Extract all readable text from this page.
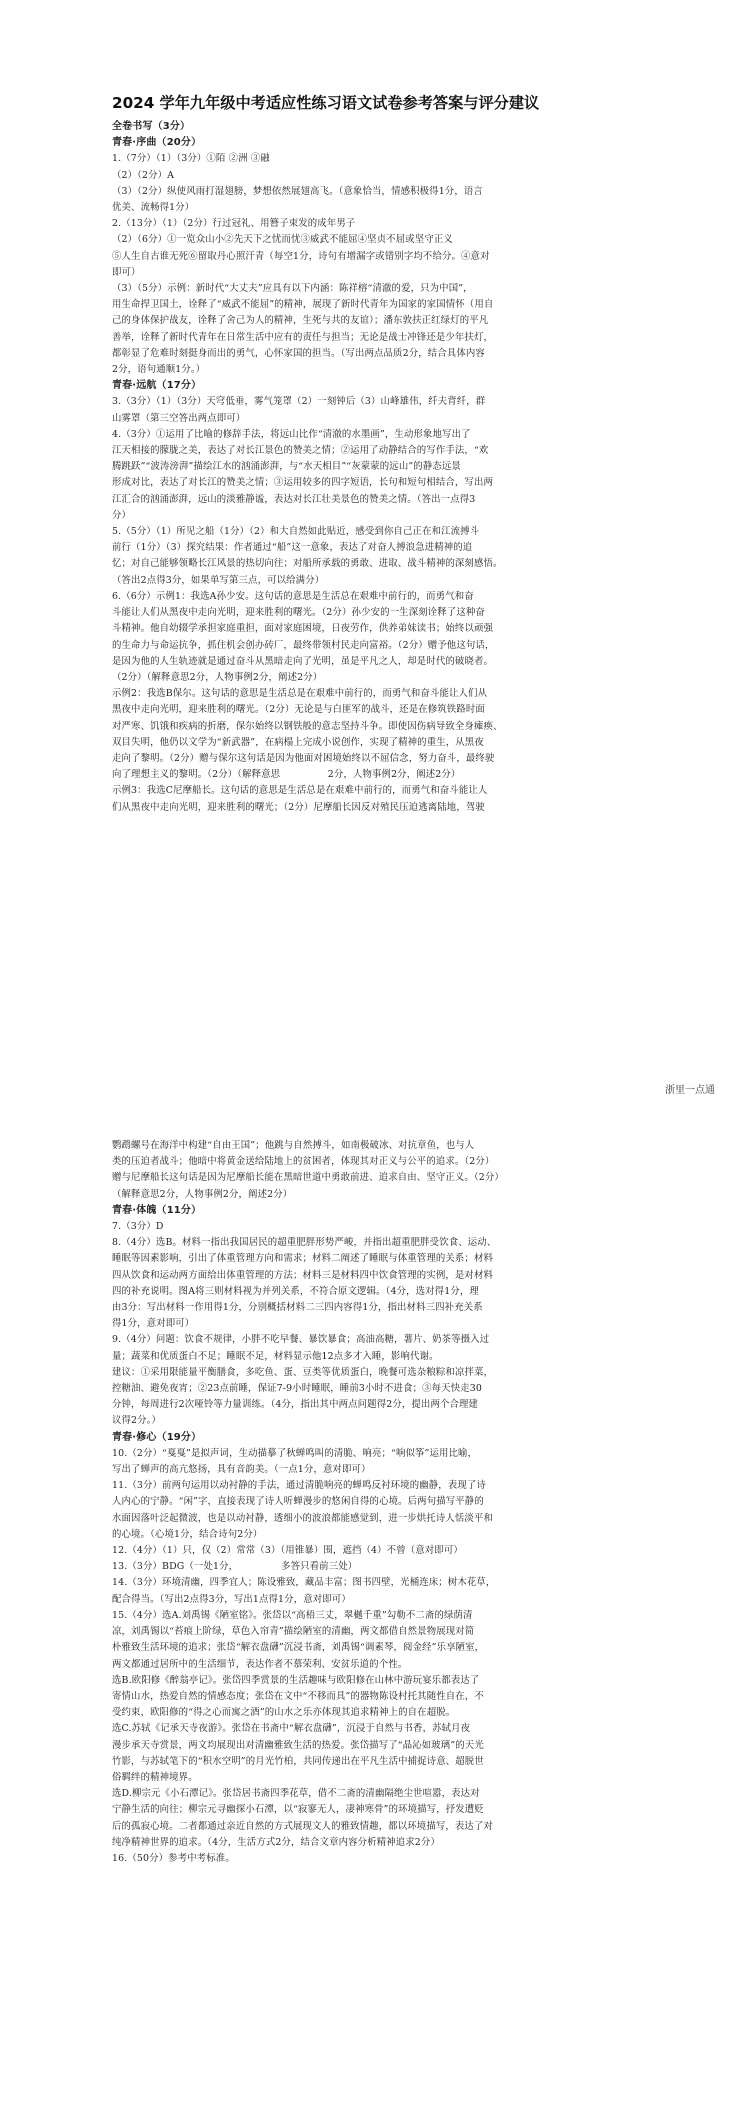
2024 学年九年级中考适应性练习语文试卷参考答案与评分建议

全卷书写（3分）

青春·序曲（20分）

1.（7分）（1）（3分）①陌 ②洲 ③融

（2）（2分）A

（3）（2分）纵使风雨打湿翅膀，梦想依然展翅高飞。（意象恰当，情感积极得1分，语言

优美、流畅得1分）

2.（13分）（1）（2分）行过冠礼、用簪子束发的成年男子

（2）（6分）①一览众山小②先天下之忧而忧③威武不能屈④坚贞不屈或坚守正义

⑤人生自古谁无死⑥留取丹心照汗青（每空1分，诗句有增漏字或错别字均不给分。④意对

即可）

（3）（5分）示例：新时代“大丈夫”应具有以下内涵：陈祥榕“清澈的爱，只为中国”，

用生命捍卫国土，诠释了“威武不能屈”的精神，展现了新时代青年为国家的家国情怀（用自

己的身体保护战友，诠释了舍己为人的精神，生死与共的友谊）；潘东敦扶正红绿灯的平凡

善举，诠释了新时代青年在日常生活中应有的责任与担当；无论是战士冲锋还是少年扶灯，

都彰显了危难时刻挺身而出的勇气，心怀家国的担当。（写出两点品质2分，结合具体内容

2分，语句通顺1分。）

青春·远航（17分）

3.（3分）（1）（3分）天穹低垂，雾气笼罩（2）一刻钟后（3）山峰雄伟，纤夫背纤，群

山雾罩（第三空答出两点即可）

4.（3分）①运用了比喻的修辞手法，将远山比作“清澈的水墨画”，生动形象地写出了

江天相接的朦胧之美，表达了对长江景色的赞美之情；②运用了动静结合的写作手法，“欢

腾跳跃”“波涛滂湃”描绘江水的汹涌澎湃，与“水天相目”“灰蒙蒙的远山”的静态远景

形成对比，表达了对长江的赞美之情；③运用较多的四字短语，长句和短句相结合，写出两

江汇合的汹涌澎湃，远山的淡雅静谧，表达对长江壮美景色的赞美之情。（答出一点得3

分）

5.（5分）（1）所见之船（1分）（2）和大自然如此贴近，感受到你自己正在和江流搏斗

前行（1分）（3）探究结果：作者通过“船”这一意象，表达了对奋人搏浪急进精神的追

忆；对自己能够领略长江风景的热切向往；对船所承载的勇敢、进取、战斗精神的深刻感悟。

（答出2点得3分，如果单写第三点，可以给满分）

6.（6分）示例1：我选A孙少安。这句话的意思是生活总在艰难中前行的，而勇气和奋

斗能让人们从黑夜中走向光明，迎来胜利的曙光。（2分）孙少安的一生深刻诠释了这种奋

斗精神。他自幼辍学承担家庭重担，面对家庭困境，日夜劳作，供养弟妹读书；始终以顽强

的生命力与命运抗争，抓住机会创办砖厂，最终带领村民走向富裕。（2分）赠予他这句话，

是因为他的人生轨迹就是通过奋斗从黑暗走向了光明，虽是平凡之人，却是时代的破晓者。

（2分）（解释意思2分，人物事例2分，阐述2分）

示例2：我选B保尔。这句话的意思是生活总是在艰难中前行的，而勇气和奋斗能让人们从

黑夜中走向光明，迎来胜利的曙光。（2分）无论是与白匪军的战斗，还是在修筑铁路时面

对严寒、饥饿和疾病的折磨，保尔始终以钢铁般的意志坚持斗争。即使因伤病导致全身瘫痪、

双目失明，他仍以文学为“新武器”，在病榻上完成小说创作，实现了精神的重生，从黑夜

走向了黎明。（2分）赠与保尔这句话是因为他面对困境始终以不屈信念，努力奋斗，最终驶

向了理想主义的黎明。（2分）（解释意思　　　　　2分，人物事例2分，阐述2分）

示例3：我选C尼摩船长。这句话的意思是生活总是在艰难中前行的，而勇气和奋斗能让人

们从黑夜中走向光明，迎来胜利的曙光；（2分）尼摩船长因反对殖民压迫逃离陆地，驾驶

浙里一点通

鹦鹉螺号在海洋中构建“自由王国”；他跳与自然搏斗，如南极破冰、对抗章鱼，也与人

类的压迫者战斗；他暗中将黄金送给陆地上的贫困者，体现其对正义与公平的追求。（2分）

赠与尼摩船长这句话是因为尼摩船长能在黑暗世道中勇敢前进、追求自由、坚守正义。（2分）

（解释意思2分，人物事例2分，阐述2分）

青春·体魄（11分）

7.（3分）D

8.（4分）选B。材料一指出我国居民的超重肥胖形势严峻，并指出超重肥胖受饮食、运动、

睡眠等因素影响，引出了体重管理方向和需求；材料二阐述了睡眠与体重管理的关系；材料

四从饮食和运动两方面给出体重管理的方法；材料三是材料四中饮食管理的实例，是对材料

四的补充说明。图A将三则材料视为并列关系，不符合原文逻辑。（4分，选对得1分，理

由3分：写出材料一作用得1分，分别概括材料二三四内容得1分，指出材料三四补充关系

得1分，意对即可）

9.（4分）问题：饮食不规律，小胖不吃早餐、暴饮暴食；高油高糖，薯片、奶茶等摄入过

量；蔬菜和优质蛋白不足；睡眠不足，材料显示他12点多才入睡，影响代谢。

建议：①采用限能量平衡膳食，多吃鱼、蛋、豆类等优质蛋白，晚餐可选杂粮粽和凉拌菜，

控糖油、避免夜宵；②23点前睡，保证7-9小时睡眠，睡前3小时不进食；③每天快走30

分钟，每周进行2次哑铃等力量训练。（4分，指出其中两点问题得2分，提出两个合理建

议得2分。）

青春·修心（19分）

10.（2分）“戛戛”是拟声词，生动描摹了秋蝉鸣叫的清脆、响亮；“响似筝”运用比喻，

写出了蝉声的高亢悠扬，具有音韵美。（一点1分，意对即可）

11.（3分）前两句运用以动衬静的手法，通过清脆响亮的蝉鸣反衬环境的幽静，表现了诗

人内心的宁静。“闲”字，直接表现了诗人听蝉漫步的悠闲自得的心境。后两句描写平静的

水面因落叶泛起微波，也是以动衬静，透细小的波浪都能感觉到，进一步烘托诗人恬淡平和

的心境。（心境1分，结合诗句2分）

12.（4分）（1）只，仅（2）常常（3）（用锥暴）围，遮挡（4）不曾（意对即可）

13.（3分）BDG（一处1分，　　　　　多答只看前三处）

14.（3分）环境清幽，四季宜人；陈设雅致，藏品丰富；图书四壁，光桶连床；树木花草，

配合得当。（写出2点得3分，写出1点得1分，意对即可）

15.（4分）选A.刘禹锡《陋室铭》。张岱以“高梧三丈，翠樾千重”勾勒不二斋的绿荫清

凉，刘禹锡以“苔痕上阶绿，草色入帘青”描绘陋室的清幽，两文都借自然景物展现对简

朴雅致生活环境的追求；张岱“解衣盘礴”沉浸书斋，刘禹锡“调素琴，阅金经”乐享陋室，

两文都通过居所中的生活细节，表达作者不慕荣利、安贫乐道的个性。

选B.欧阳修《醉翁亭记》。张岱四季赏景的生活趣味与欧阳修在山林中游玩宴乐都表达了

寄情山水，热爱自然的情感态度；张岱在文中“不移而具”的器物陈设村托其随性自在，不

受约束，欧阳修的“得之心而寓之酒”的山水之乐亦体现其追求精神上的自在超脱。

选C.苏轼《记承天寺夜游》。张岱在书斋中“解衣盘礴”，沉浸于自然与书香，苏轼月夜

漫步承天寺赏景，两文均展现出对清幽雅致生活的热爱。张岱描写了“晶沁如玻璃”的天光

竹影，与苏轼笔下的“积水空明”的月光竹柏，共同传递出在平凡生活中捕捉诗意、超脱世

俗羁绊的精神境界。

选D.柳宗元《小石潭记》。张岱居书斋四季花草，借不二斋的清幽隔绝尘世喧嚣，表达对

宁静生活的向往；柳宗元寻幽探小石潭，以“寂寥无人，凄神寒骨”的环境描写，抒发遭贬

后的孤寂心境。二者都通过亲近自然的方式展现文人的雅致情趣，都以环境描写，表达了对

纯净精神世界的追求。（4分，生活方式2分，结合文章内容分析精神追求2分）

16.（50分）参考中考标准。
